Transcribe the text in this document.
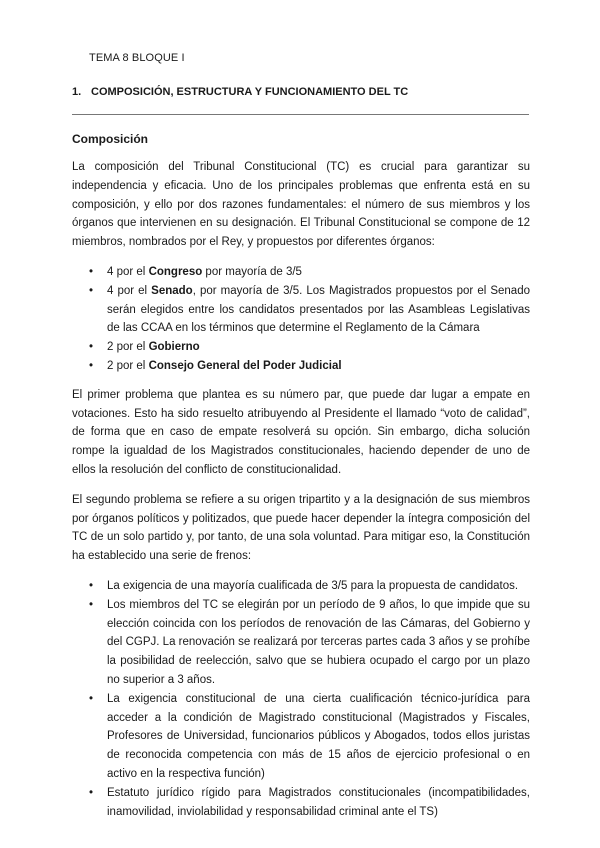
TEMA 8 BLOQUE I
1. COMPOSICIÓN, ESTRUCTURA Y FUNCIONAMIENTO DEL TC
Composición

La composición del Tribunal Constitucional (TC) es crucial para garantizar su independencia y eficacia. Uno de los principales problemas que enfrenta está en su composición, y ello por dos razones fundamentales: el número de sus miembros y los órganos que intervienen en su designación. El Tribunal Constitucional se compone de 12 miembros, nombrados por el Rey, y propuestos por diferentes órganos:

• 4 por el Congreso por mayoría de 3/5
• 4 por el Senado, por mayoría de 3/5. Los Magistrados propuestos por el Senado serán elegidos entre los candidatos presentados por las Asambleas Legislativas de las CCAA en los términos que determine el Reglamento de la Cámara
• 2 por el Gobierno
• 2 por el Consejo General del Poder Judicial

El primer problema que plantea es su número par, que puede dar lugar a empate en votaciones. Esto ha sido resuelto atribuyendo al Presidente el llamado “voto de calidad”, de forma que en caso de empate resolverá su opción. Sin embargo, dicha solución rompe la igualdad de los Magistrados constitucionales, haciendo depender de uno de ellos la resolución del conflicto de constitucionalidad.

El segundo problema se refiere a su origen tripartito y a la designación de sus miembros por órganos políticos y politizados, que puede hacer depender la íntegra composición del TC de un solo partido y, por tanto, de una sola voluntad. Para mitigar eso, la Constitución ha establecido una serie de frenos:

• La exigencia de una mayoría cualificada de 3/5 para la propuesta de candidatos.
• Los miembros del TC se elegirán por un período de 9 años, lo que impide que su elección coincida con los períodos de renovación de las Cámaras, del Gobierno y del CGPJ. La renovación se realizará por terceras partes cada 3 años y se prohíbe la posibilidad de reelección, salvo que se hubiera ocupado el cargo por un plazo no superior a 3 años.
• La exigencia constitucional de una cierta cualificación técnico-jurídica para acceder a la condición de Magistrado constitucional (Magistrados y Fiscales, Profesores de Universidad, funcionarios públicos y Abogados, todos ellos juristas de reconocida competencia con más de 15 años de ejercicio profesional o en activo en la respectiva función)
• Estatuto jurídico rígido para Magistrados constitucionales (incompatibilidades, inamovilidad, inviolabilidad y responsabilidad criminal ante el TS)
